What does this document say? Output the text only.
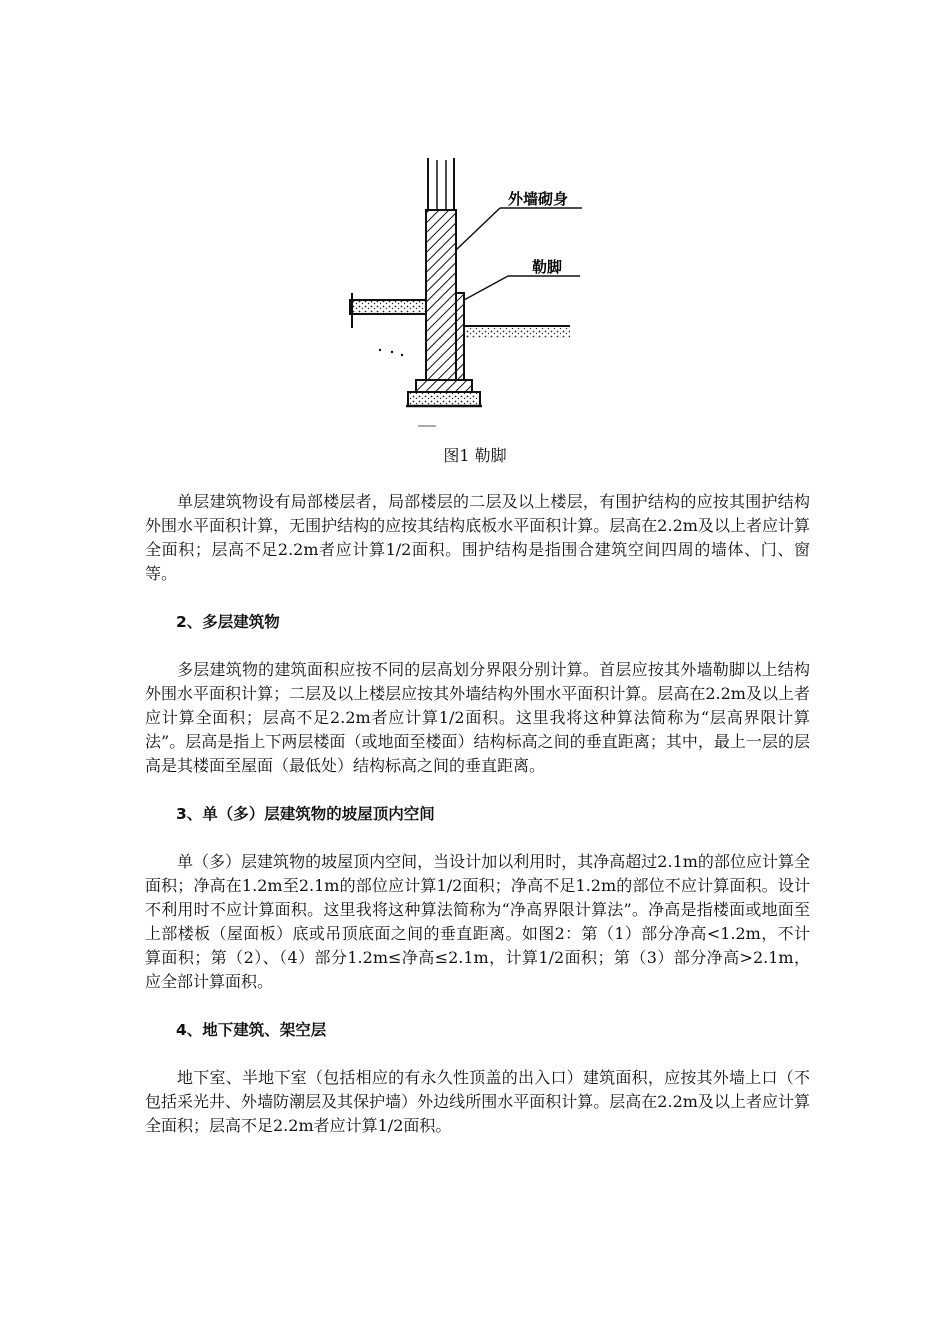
外墙砌身
勒脚
图1 勒脚

单层建筑物设有局部楼层者，局部楼层的二层及以上楼层，有围护结构的应按其围护结构外围水平面积计算，无围护结构的应按其结构底板水平面积计算。层高在2.2m及以上者应计算全面积；层高不足2.2m者应计算1/2面积。围护结构是指围合建筑空间四周的墙体、门、窗等。

2、多层建筑物

多层建筑物的建筑面积应按不同的层高划分界限分别计算。首层应按其外墙勒脚以上结构外围水平面积计算；二层及以上楼层应按其外墙结构外围水平面积计算。层高在2.2m及以上者应计算全面积；层高不足2.2m者应计算1/2面积。这里我将这种算法简称为“层高界限计算法”。层高是指上下两层楼面（或地面至楼面）结构标高之间的垂直距离；其中，最上一层的层高是其楼面至屋面（最低处）结构标高之间的垂直距离。

3、单（多）层建筑物的坡屋顶内空间

单（多）层建筑物的坡屋顶内空间，当设计加以利用时，其净高超过2.1m的部位应计算全面积；净高在1.2m至2.1m的部位应计算1/2面积；净高不足1.2m的部位不应计算面积。设计不利用时不应计算面积。这里我将这种算法简称为“净高界限计算法”。净高是指楼面或地面至上部楼板（屋面板）底或吊顶底面之间的垂直距离。如图2：第（1）部分净高<1.2m，不计算面积；第（2）、（4）部分1.2m≤净高≤2.1m，计算1/2面积；第（3）部分净高>2.1m，应全部计算面积。

4、地下建筑、架空层

地下室、半地下室（包括相应的有永久性顶盖的出入口）建筑面积，应按其外墙上口（不包括采光井、外墙防潮层及其保护墙）外边线所围水平面积计算。层高在2.2m及以上者应计算全面积；层高不足2.2m者应计算1/2面积。
